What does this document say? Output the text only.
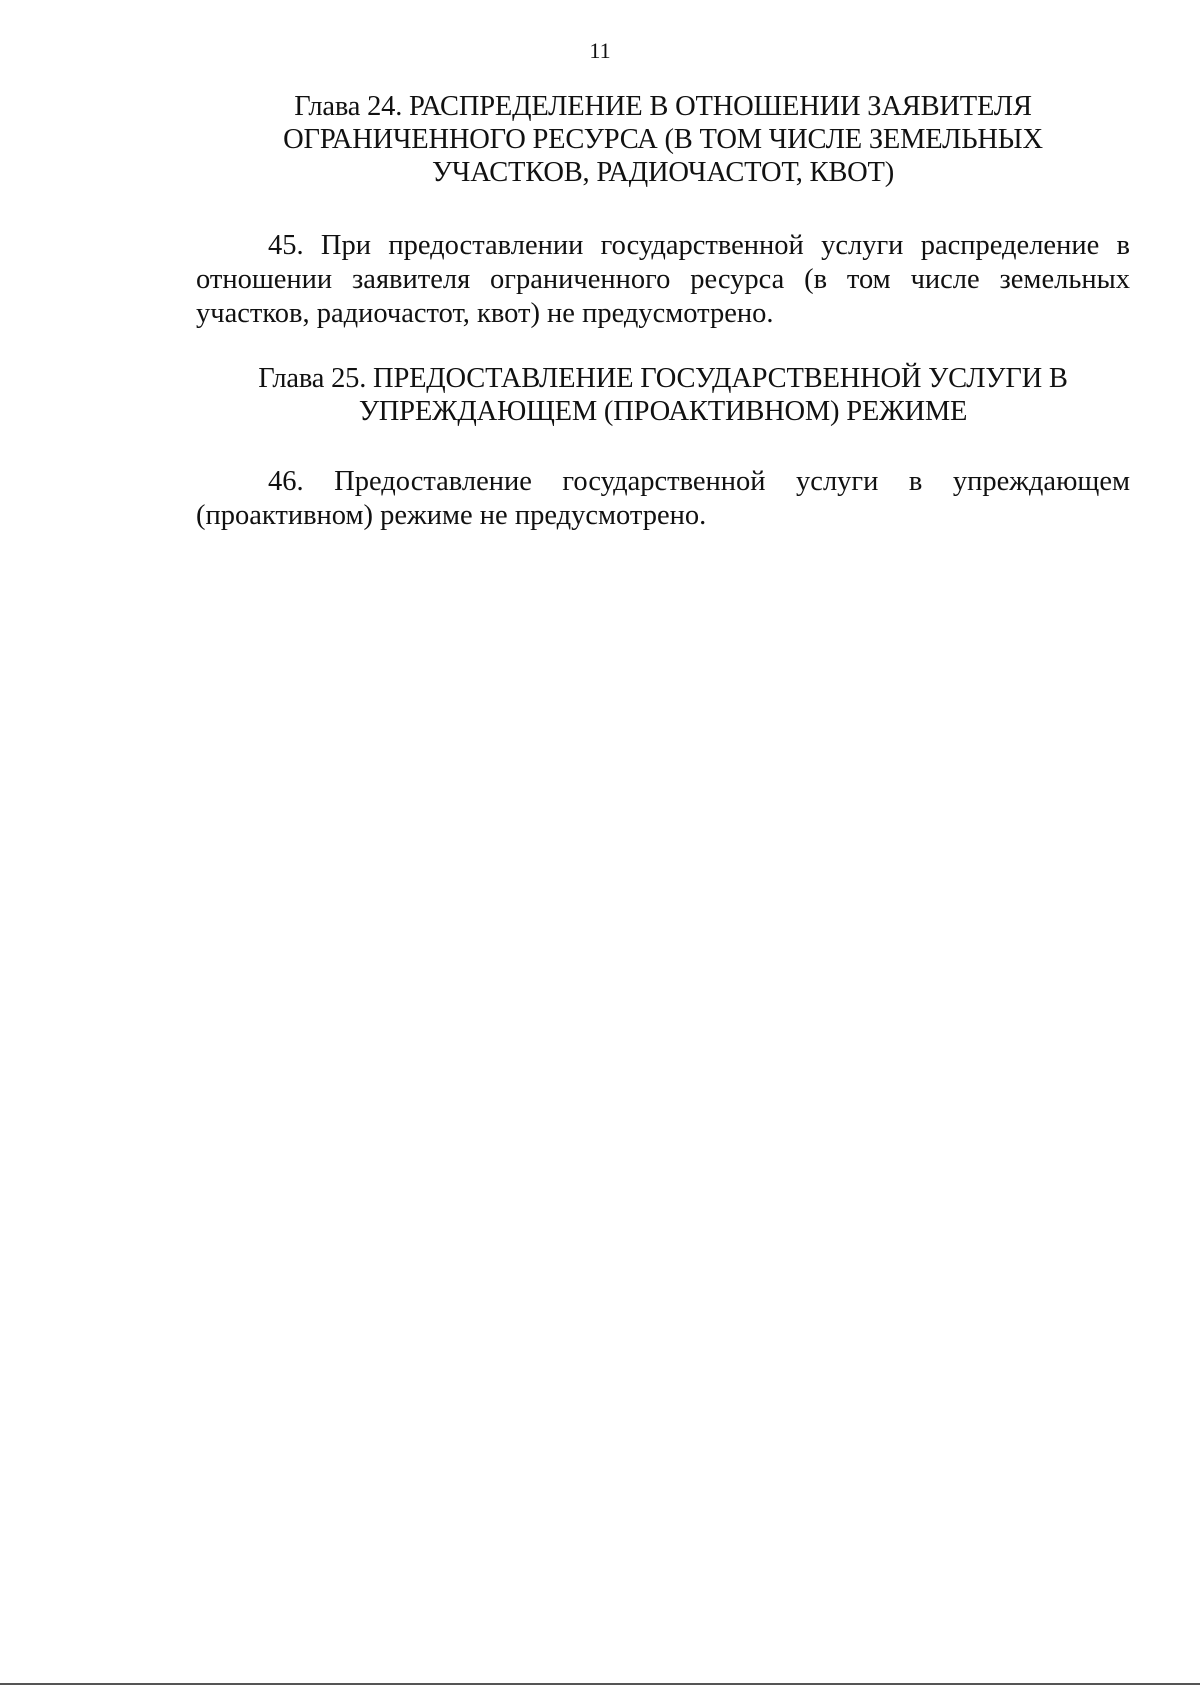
11
Глава 24. РАСПРЕДЕЛЕНИЕ В ОТНОШЕНИИ ЗАЯВИТЕЛЯ
ОГРАНИЧЕННОГО РЕСУРСА (В ТОМ ЧИСЛЕ ЗЕМЕЛЬНЫХ
УЧАСТКОВ, РАДИОЧАСТОТ, КВОТ)

45. При предоставлении государственной услуги распределение в отношении заявителя ограниченного ресурса (в том числе земельных участков, радиочастот, квот) не предусмотрено.

Глава 25. ПРЕДОСТАВЛЕНИЕ ГОСУДАРСТВЕННОЙ УСЛУГИ В
УПРЕЖДАЮЩЕМ (ПРОАКТИВНОМ) РЕЖИМЕ

46. Предоставление государственной услуги в упреждающем (проактивном) режиме не предусмотрено.
